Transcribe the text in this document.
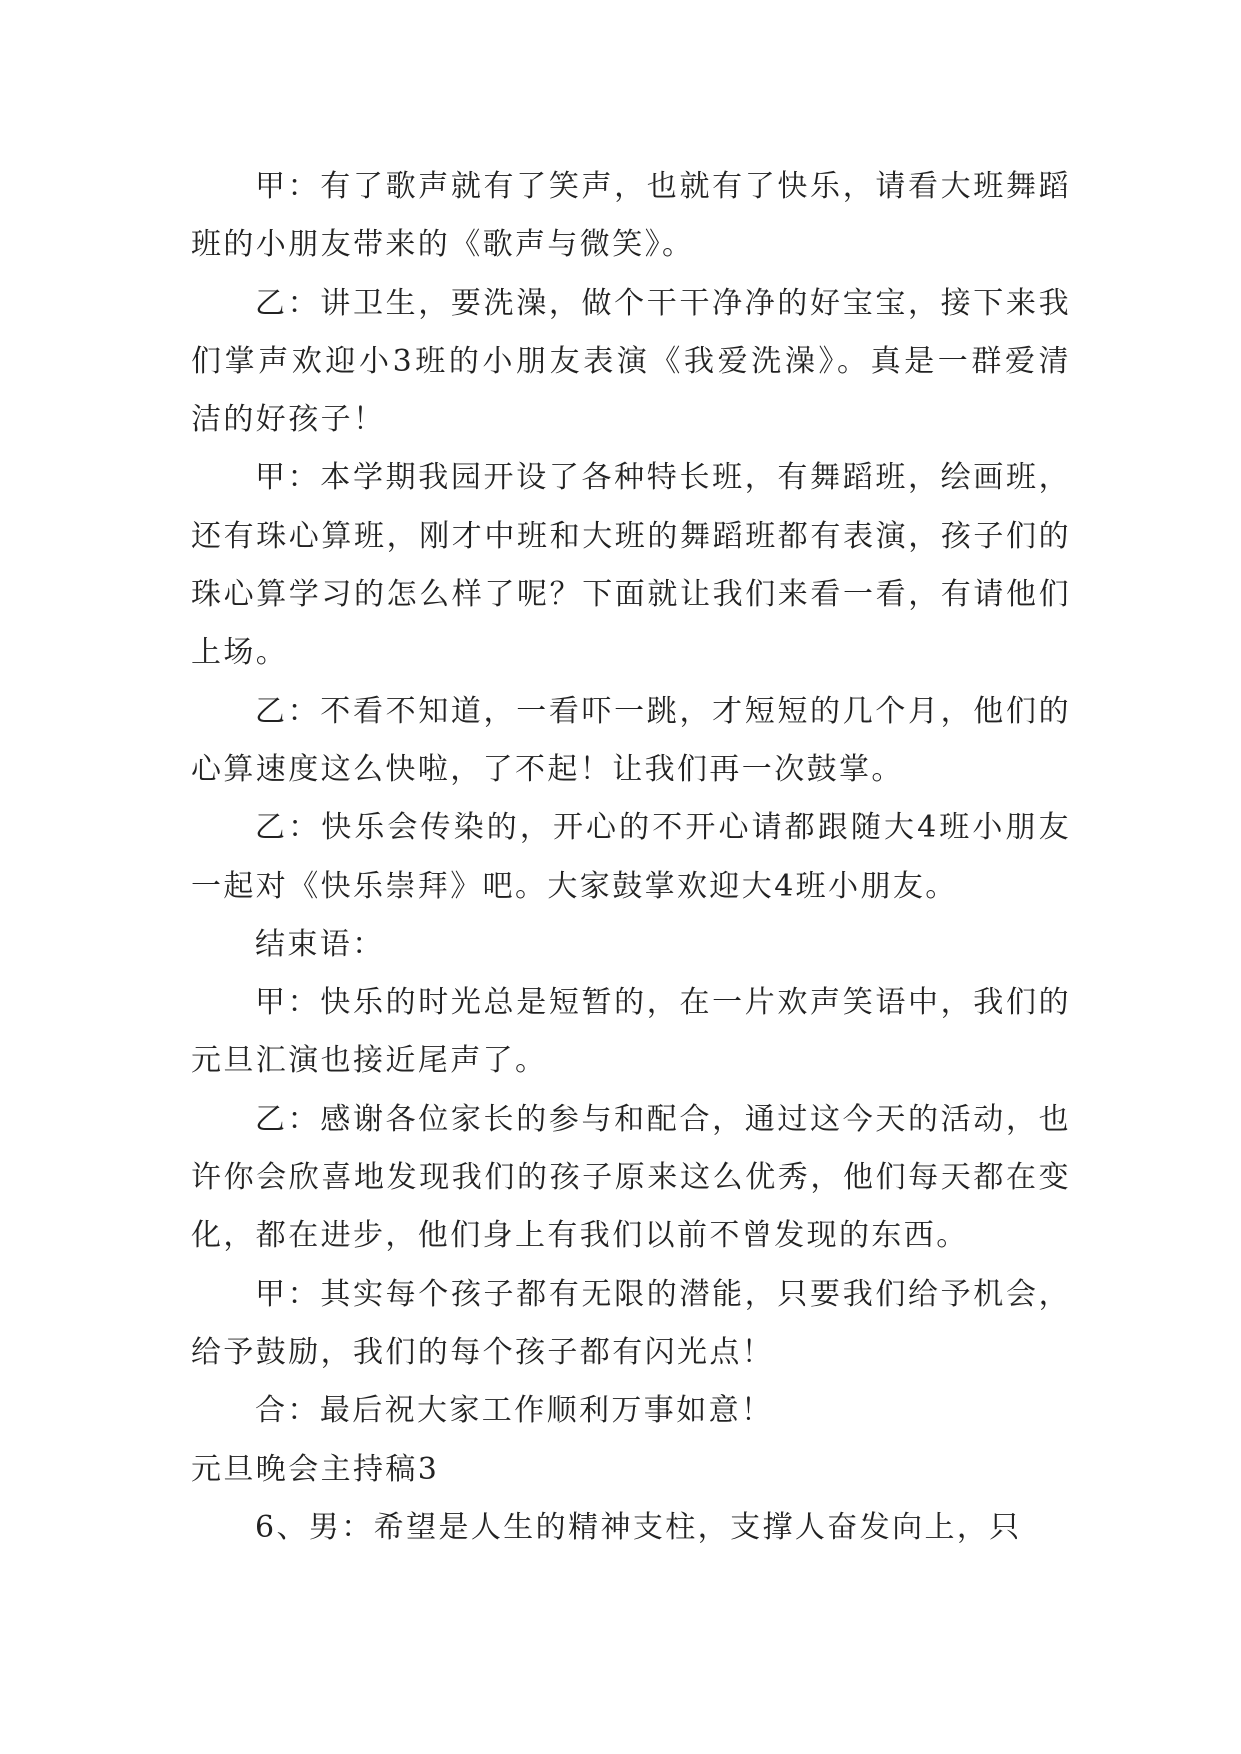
甲：有了歌声就有了笑声，也就有了快乐，请看大班舞蹈班的小朋友带来的《歌声与微笑》。

乙：讲卫生，要洗澡，做个干干净净的好宝宝，接下来我们掌声欢迎小3班的小朋友表演《我爱洗澡》。真是一群爱清洁的好孩子！

甲：本学期我园开设了各种特长班，有舞蹈班，绘画班，还有珠心算班，刚才中班和大班的舞蹈班都有表演，孩子们的珠心算学习的怎么样了呢？下面就让我们来看一看，有请他们上场。

乙：不看不知道，一看吓一跳，才短短的几个月，他们的心算速度这么快啦，了不起！让我们再一次鼓掌。

乙：快乐会传染的，开心的不开心请都跟随大4班小朋友一起对《快乐崇拜》吧。大家鼓掌欢迎大4班小朋友。

结束语：

甲：快乐的时光总是短暂的，在一片欢声笑语中，我们的元旦汇演也接近尾声了。

乙：感谢各位家长的参与和配合，通过这今天的活动，也许你会欣喜地发现我们的孩子原来这么优秀，他们每天都在变化，都在进步，他们身上有我们以前不曾发现的东西。

甲：其实每个孩子都有无限的潜能，只要我们给予机会，给予鼓励，我们的每个孩子都有闪光点！

合：最后祝大家工作顺利万事如意！

元旦晚会主持稿3

6、男：希望是人生的精神支柱，支撑人奋发向上，只
